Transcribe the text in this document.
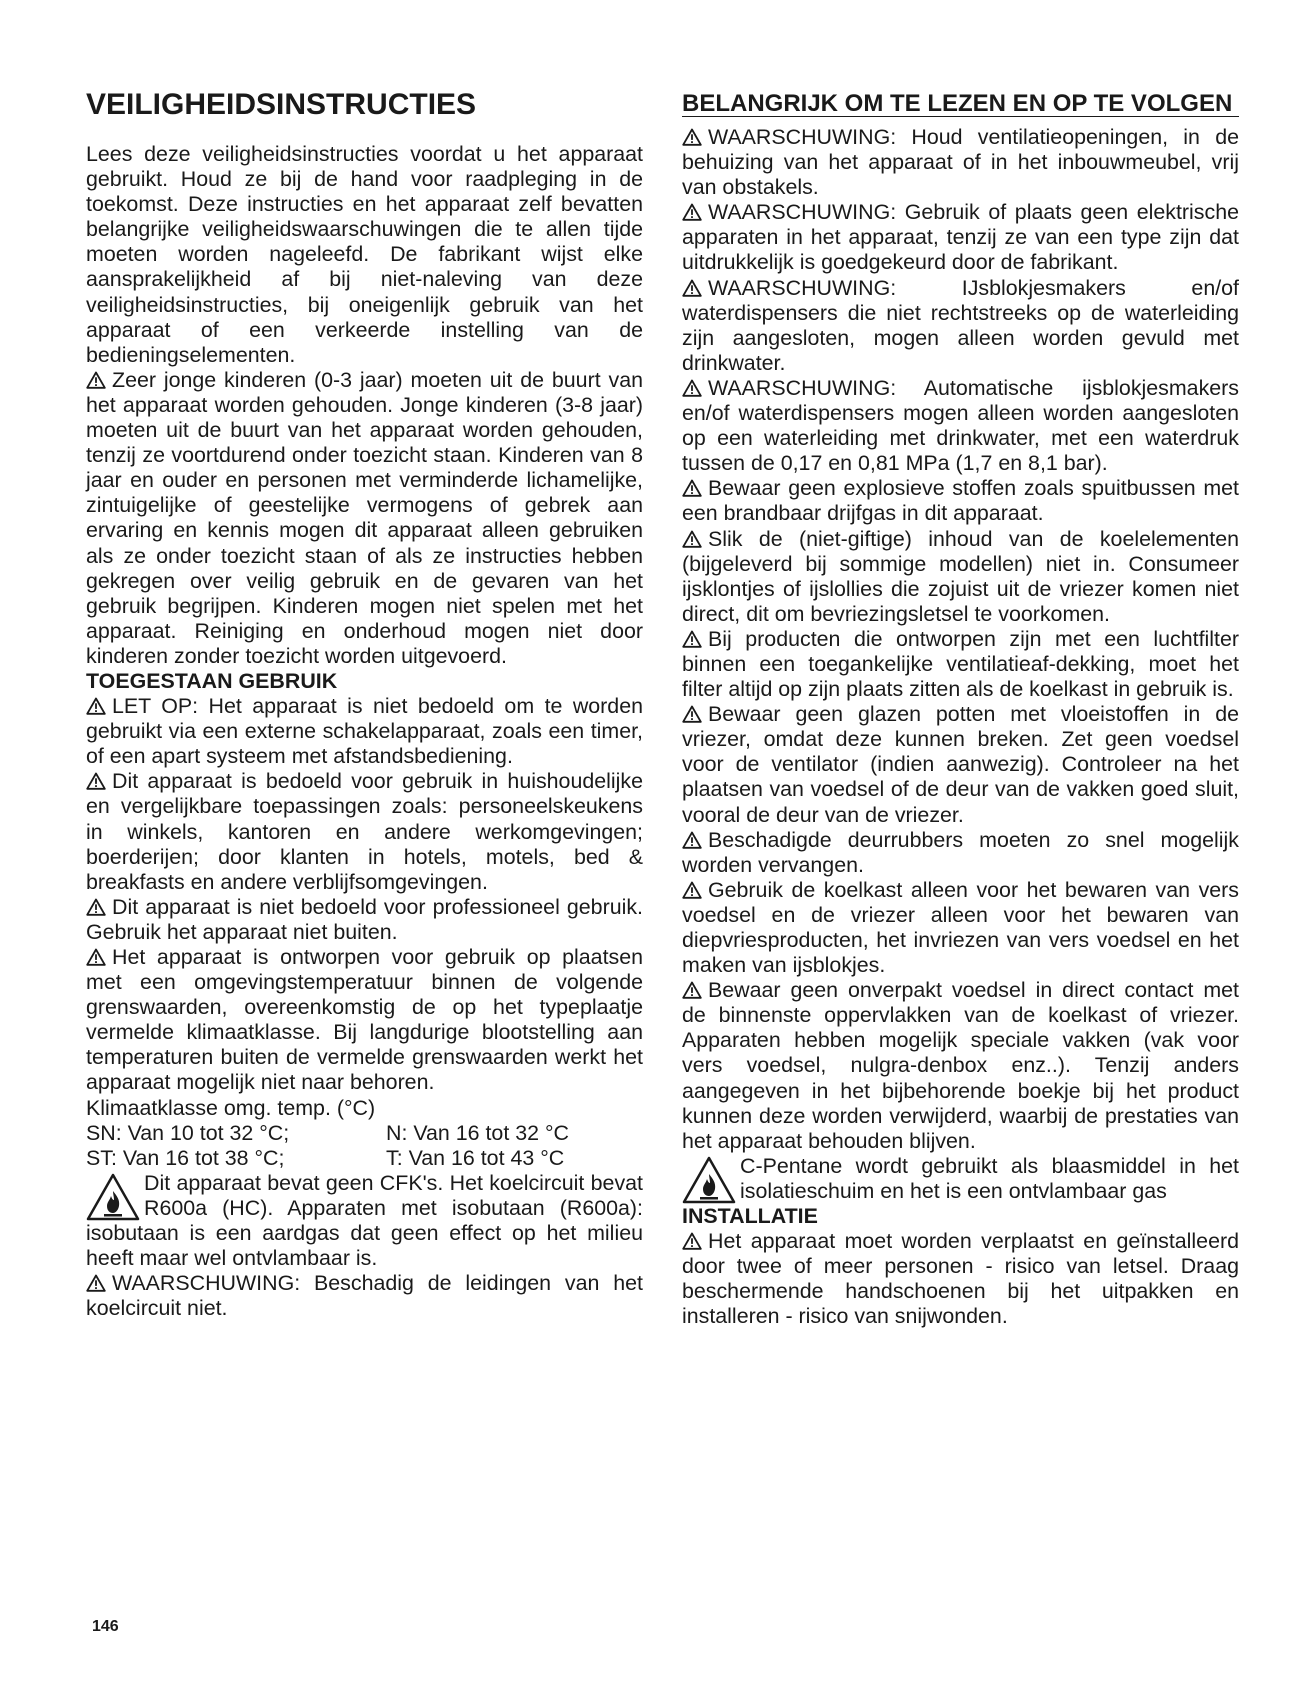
VEILIGHEIDSINSTRUCTIES

Lees deze veiligheidsinstructies voordat u het apparaat gebruikt. Houd ze bij de hand voor raadpleging in de toekomst. Deze instructies en het apparaat zelf bevatten belangrijke veiligheidswaarschuwingen die te allen tijde moeten worden nageleefd. De fabrikant wijst elke aansprakelijkheid af bij niet-naleving van deze veiligheidsinstructies, bij oneigenlijk gebruik van het apparaat of een verkeerde instelling van de bedieningselementen.

Zeer jonge kinderen (0-3 jaar) moeten uit de buurt van het apparaat worden gehouden. Jonge kinderen (3-8 jaar) moeten uit de buurt van het apparaat worden gehouden, tenzij ze voortdurend onder toezicht staan. Kinderen van 8 jaar en ouder en personen met verminderde lichamelijke, zintuigelijke of geestelijke vermogens of gebrek aan ervaring en kennis mogen dit apparaat alleen gebruiken als ze onder toezicht staan of als ze instructies hebben gekregen over veilig gebruik en de gevaren van het gebruik begrijpen. Kinderen mogen niet spelen met het apparaat. Reiniging en onderhoud mogen niet door kinderen zonder toezicht worden uitgevoerd.

TOEGESTAAN GEBRUIK

LET OP: Het apparaat is niet bedoeld om te worden gebruikt via een externe schakelapparaat, zoals een timer, of een apart systeem met afstandsbediening.

Dit apparaat is bedoeld voor gebruik in huishoudelijke en vergelijkbare toepassingen zoals: personeelskeukens in winkels, kantoren en andere werkomgevingen; boerderijen; door klanten in hotels, motels, bed & breakfasts en andere verblijfsomgevingen.

Dit apparaat is niet bedoeld voor professioneel gebruik. Gebruik het apparaat niet buiten.

Het apparaat is ontworpen voor gebruik op plaatsen met een omgevingstemperatuur binnen de volgende grenswaarden, overeenkomstig de op het typeplaatje vermelde klimaatklasse. Bij langdurige blootstelling aan temperaturen buiten de vermelde grenswaarden werkt het apparaat mogelijk niet naar behoren.

Klimaatklasse omg. temp. (°C)

SN: Van 10 tot 32 °C;	N: Van 16 tot 32 °C
ST: Van 16 tot 38 °C;	T: Van 16 tot 43 °C

Dit apparaat bevat geen CFK's. Het koelcircuit bevat R600a (HC). Apparaten met isobutaan (R600a): isobutaan is een aardgas dat geen effect op het milieu heeft maar wel ontvlambaar is.

WAARSCHUWING: Beschadig de leidingen van het koelcircuit niet.

BELANGRIJK OM TE LEZEN EN OP TE VOLGEN

WAARSCHUWING: Houd ventilatieopeningen, in de behuizing van het apparaat of in het inbouwmeubel, vrij van obstakels.

WAARSCHUWING: Gebruik of plaats geen elektrische apparaten in het apparaat, tenzij ze van een type zijn dat uitdrukkelijk is goedgekeurd door de fabrikant.

WAARSCHUWING: IJsblokjesmakers en/of waterdispensers die niet rechtstreeks op de waterleiding zijn aangesloten, mogen alleen worden gevuld met drinkwater.

WAARSCHUWING: Automatische ijsblokjesmakers en/of waterdispensers mogen alleen worden aangesloten op een waterleiding met drinkwater, met een waterdruk tussen de 0,17 en 0,81 MPa (1,7 en 8,1 bar).

Bewaar geen explosieve stoffen zoals spuitbussen met een brandbaar drijfgas in dit apparaat.

Slik de (niet-giftige) inhoud van de koelelementen (bijgeleverd bij sommige modellen) niet in. Consumeer ijsklontjes of ijslollies die zojuist uit de vriezer komen niet direct, dit om bevriezingsletsel te voorkomen.

Bij producten die ontworpen zijn met een luchtfilter binnen een toegankelijke ventilatieaf-dekking, moet het filter altijd op zijn plaats zitten als de koelkast in gebruik is.

Bewaar geen glazen potten met vloeistoffen in de vriezer, omdat deze kunnen breken. Zet geen voedsel voor de ventilator (indien aanwezig). Controleer na het plaatsen van voedsel of de deur van de vakken goed sluit, vooral de deur van de vriezer.

Beschadigde deurrubbers moeten zo snel mogelijk worden vervangen.

Gebruik de koelkast alleen voor het bewaren van vers voedsel en de vriezer alleen voor het bewaren van diepvriesproducten, het invriezen van vers voedsel en het maken van ijsblokjes.

Bewaar geen onverpakt voedsel in direct contact met de binnenste oppervlakken van de koelkast of vriezer. Apparaten hebben mogelijk speciale vakken (vak voor vers voedsel, nulgra-denbox enz..). Tenzij anders aangegeven in het bijbehorende boekje bij het product kunnen deze worden verwijderd, waarbij de prestaties van het apparaat behouden blijven.

C-Pentane wordt gebruikt als blaasmiddel in het isolatieschuim en het is een ontvlambaar gas

INSTALLATIE

Het apparaat moet worden verplaatst en geïnstalleerd door twee of meer personen - risico van letsel. Draag beschermende handschoenen bij het uitpakken en installeren - risico van snijwonden.

146
